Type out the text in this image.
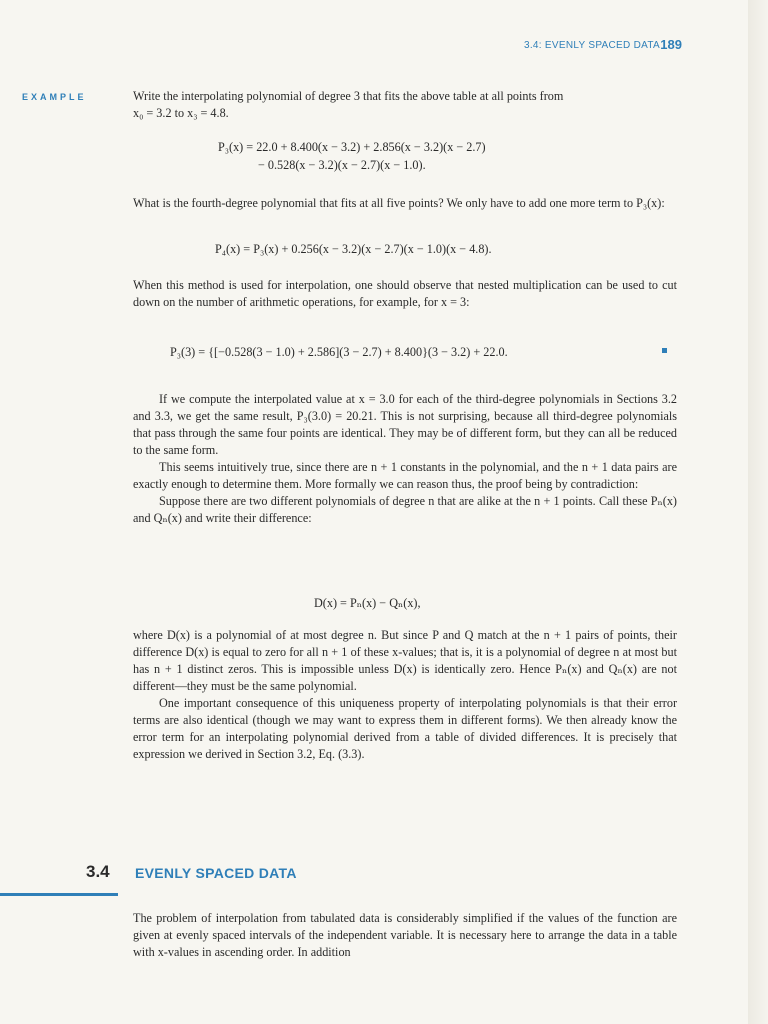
3.4: EVENLY SPACED DATA 189
EXAMPLE	Write the interpolating polynomial of degree 3 that fits the above table at all points from

x₀ = 3.2 to x₃ = 4.8.

P₃(x) = 22.0 + 8.400(x − 3.2) + 2.856(x − 3.2)(x − 2.7)
− 0.528(x − 3.2)(x − 2.7)(x − 1.0).

What is the fourth-degree polynomial that fits at all five points? We only have to add one more term to P₃(x):

P₄(x) = P₃(x) + 0.256(x − 3.2)(x − 2.7)(x − 1.0)(x − 4.8).

When this method is used for interpolation, one should observe that nested multiplication can be used to cut down on the number of arithmetic operations, for example, for x = 3:

P₃(3) = {[−0.528(3 − 1.0) + 2.586](3 − 2.7) + 8.400}(3 − 3.2) + 22.0.

If we compute the interpolated value at x = 3.0 for each of the third-degree polynomials in Sections 3.2 and 3.3, we get the same result, P₃(3.0) = 20.21. This is not surprising, because all third-degree polynomials that pass through the same four points are identical. They may be of different form, but they can all be reduced to the same form.

This seems intuitively true, since there are n + 1 constants in the polynomial, and the n + 1 data pairs are exactly enough to determine them. More formally we can reason thus, the proof being by contradiction:

Suppose there are two different polynomials of degree n that are alike at the n + 1 points. Call these Pₙ(x) and Qₙ(x) and write their difference:

D(x) = Pₙ(x) − Qₙ(x),

where D(x) is a polynomial of at most degree n. But since P and Q match at the n + 1 pairs of points, their difference D(x) is equal to zero for all n + 1 of these x-values; that is, it is a polynomial of degree n at most but has n + 1 distinct zeros. This is impossible unless D(x) is identically zero. Hence Pₙ(x) and Qₙ(x) are not different—they must be the same polynomial.

One important consequence of this uniqueness property of interpolating polynomials is that their error terms are also identical (though we may want to express them in different forms). We then already know the error term for an interpolating polynomial derived from a table of divided differences. It is precisely that expression we derived in Section 3.2, Eq. (3.3).

3.4 EVENLY SPACED DATA

The problem of interpolation from tabulated data is considerably simplified if the values of the function are given at evenly spaced intervals of the independent variable. It is necessary here to arrange the data in a table with x-values in ascending order. In addition
